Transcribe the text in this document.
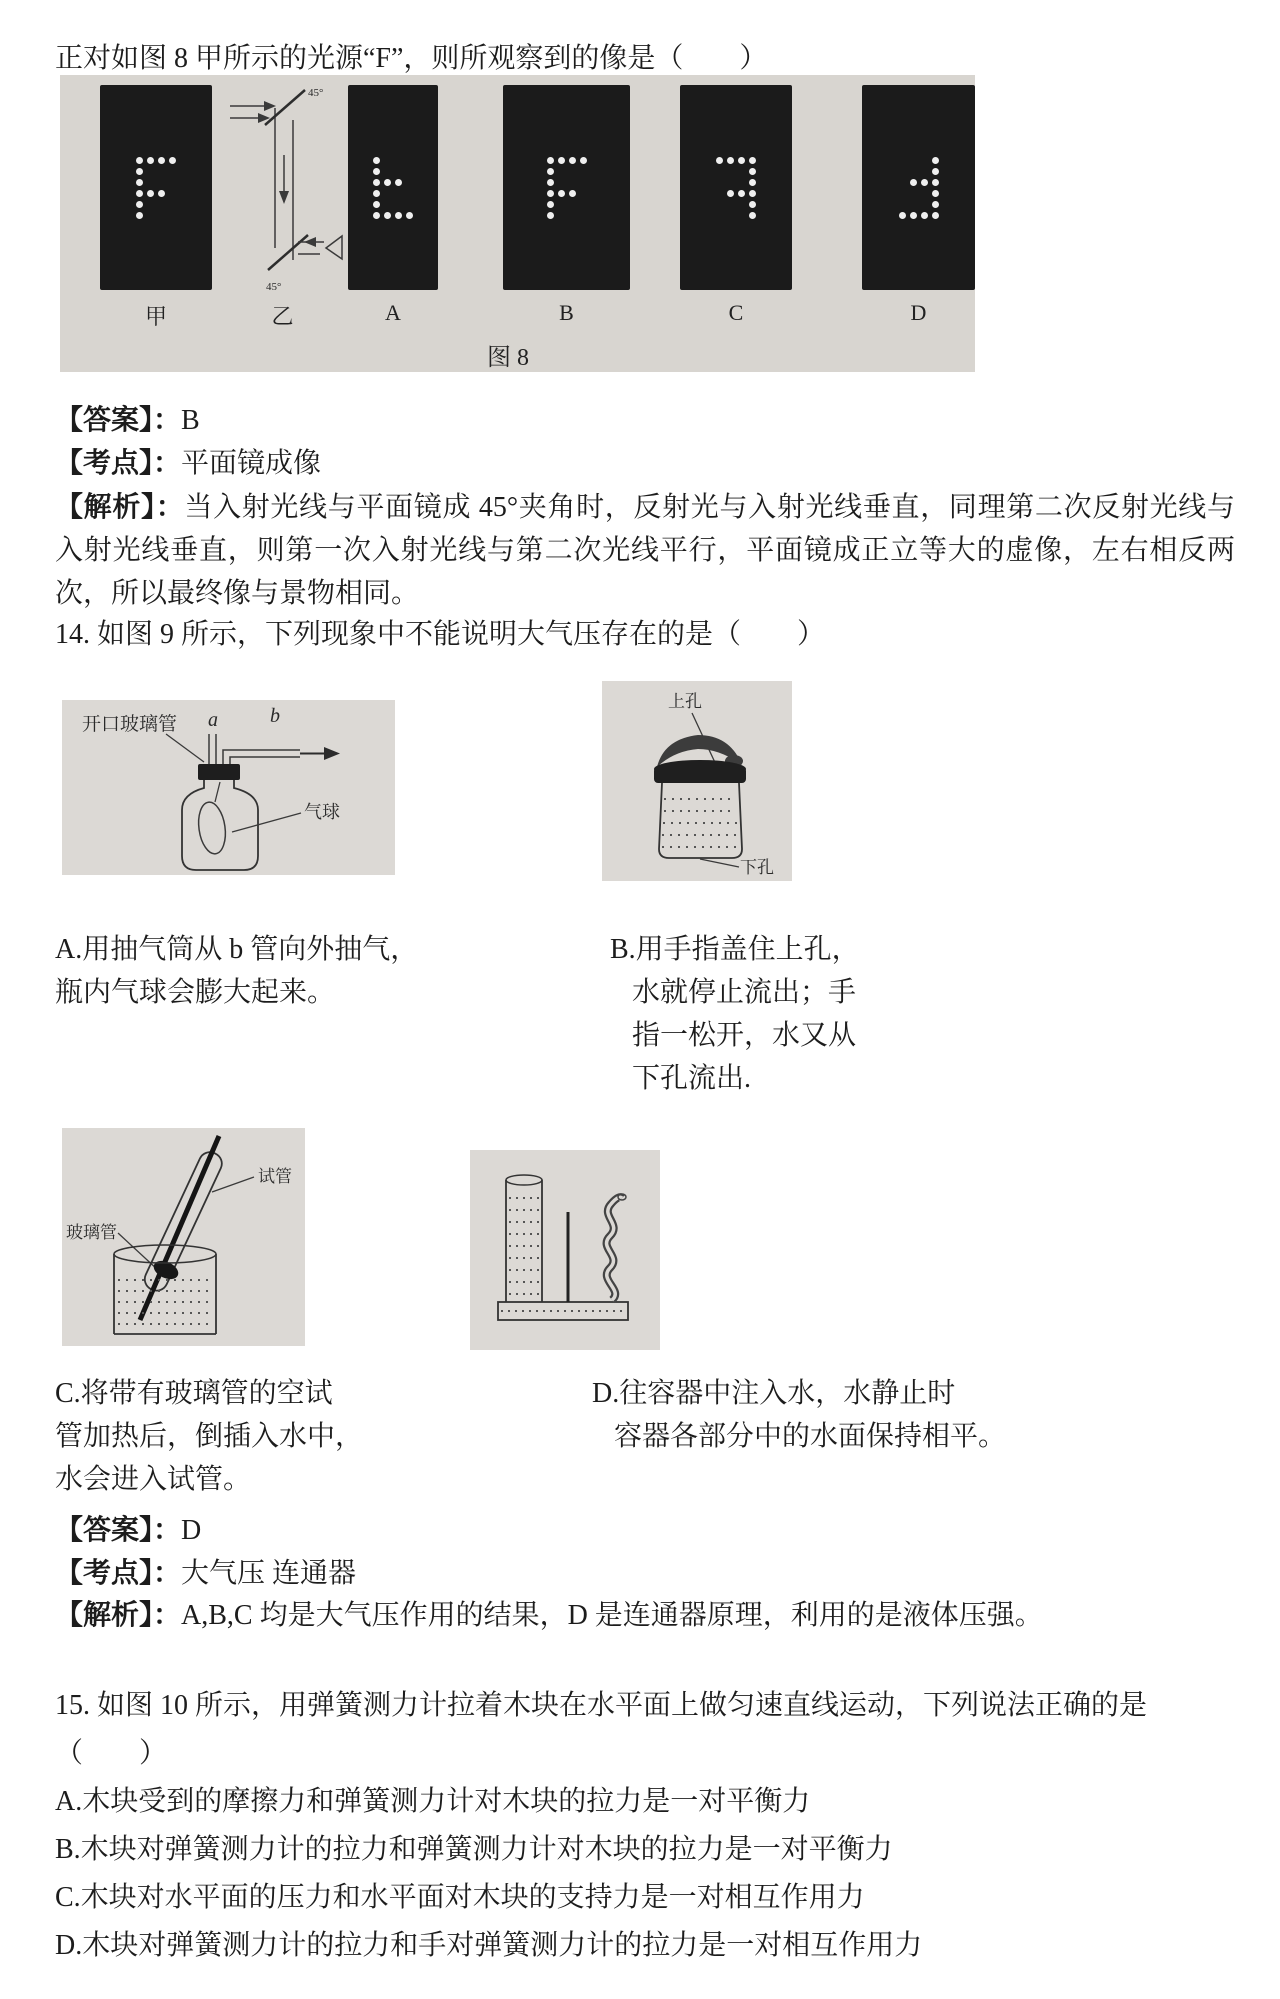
正对如图 8 甲所示的光源“F”，则所观察到的像是（　　）
45°
45°
甲	乙	A	B	C	D
图 8
【答案】：B
【考点】：平面镜成像
【解析】：当入射光线与平面镜成 45°夹角时，反射光与入射光线垂直，同理第二次反射光线与入射光线垂直，则第一次入射光线与第二次光线平行，平面镜成正立等大的虚像，左右相反两次，所以最终像与景物相同。
14. 如图 9 所示，下列现象中不能说明大气压存在的是（　　）
开口玻璃管 a	b
气球
上孔
下孔
A.用抽气筒从 b 管向外抽气，
瓶内气球会膨大起来。
B.用手指盖住上孔，
水就停止流出；手
指一松开，水又从
下孔流出.
试管
玻璃管
C.将带有玻璃管的空试
管加热后，倒插入水中，
水会进入试管。
D.往容器中注入水，水静止时
容器各部分中的水面保持相平。
【答案】：D
【考点】：大气压 连通器
【解析】：A,B,C 均是大气压作用的结果，D 是连通器原理，利用的是液体压强。
15. 如图 10 所示，用弹簧测力计拉着木块在水平面上做匀速直线运动，下列说法正确的是
（　　）
A.木块受到的摩擦力和弹簧测力计对木块的拉力是一对平衡力
B.木块对弹簧测力计的拉力和弹簧测力计对木块的拉力是一对平衡力
C.木块对水平面的压力和水平面对木块的支持力是一对相互作用力
D.木块对弹簧测力计的拉力和手对弹簧测力计的拉力是一对相互作用力
